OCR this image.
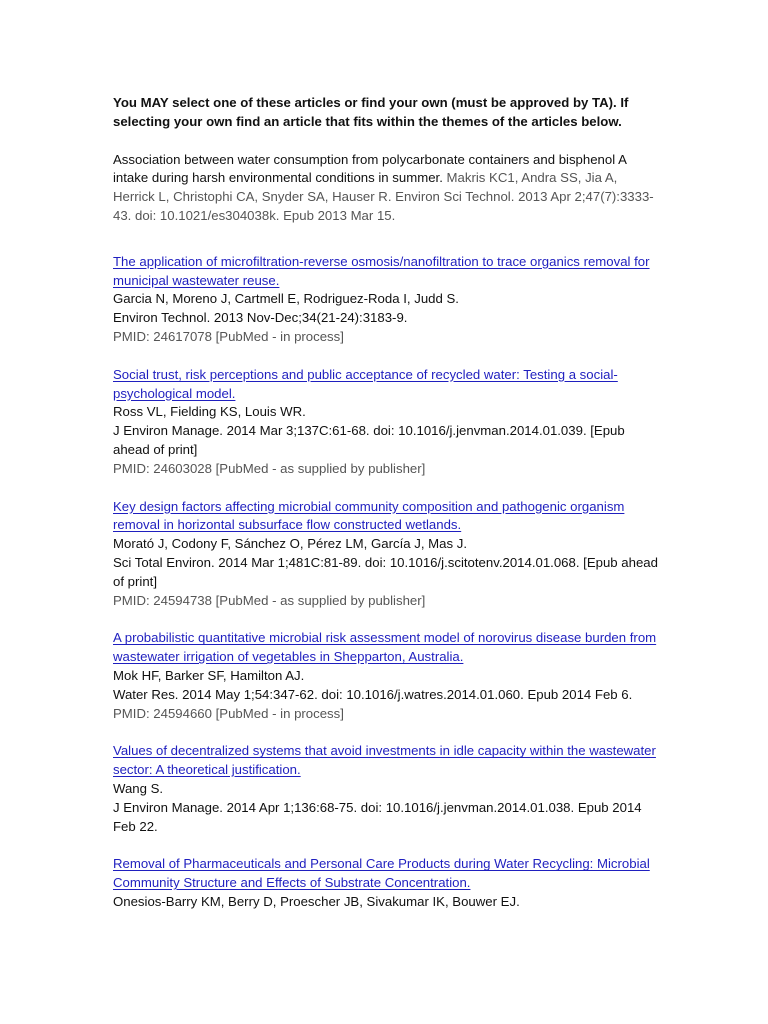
You MAY select one of these articles or find your own (must be approved by TA). If selecting your own find an article that fits within the themes of the articles below.

Association between water consumption from polycarbonate containers and bisphenol A intake during harsh environmental conditions in summer. Makris KC1, Andra SS, Jia A, Herrick L, Christophi CA, Snyder SA, Hauser R. Environ Sci Technol. 2013 Apr 2;47(7):3333-43. doi: 10.1021/es304038k. Epub 2013 Mar 15.
The application of microfiltration-reverse osmosis/nanofiltration to trace organics removal for municipal wastewater reuse.
Garcia N, Moreno J, Cartmell E, Rodriguez-Roda I, Judd S.
Environ Technol. 2013 Nov-Dec;34(21-24):3183-9.
PMID: 24617078 [PubMed - in process]
Social trust, risk perceptions and public acceptance of recycled water: Testing a social-psychological model.
Ross VL, Fielding KS, Louis WR.
J Environ Manage. 2014 Mar 3;137C:61-68. doi: 10.1016/j.jenvman.2014.01.039. [Epub ahead of print]
PMID: 24603028 [PubMed - as supplied by publisher]
Key design factors affecting microbial community composition and pathogenic organism removal in horizontal subsurface flow constructed wetlands.
Morató J, Codony F, Sánchez O, Pérez LM, García J, Mas J.
Sci Total Environ. 2014 Mar 1;481C:81-89. doi: 10.1016/j.scitotenv.2014.01.068. [Epub ahead of print]
PMID: 24594738 [PubMed - as supplied by publisher]
A probabilistic quantitative microbial risk assessment model of norovirus disease burden from wastewater irrigation of vegetables in Shepparton, Australia.
Mok HF, Barker SF, Hamilton AJ.
Water Res. 2014 May 1;54:347-62. doi: 10.1016/j.watres.2014.01.060. Epub 2014 Feb 6.
PMID: 24594660 [PubMed - in process]
Values of decentralized systems that avoid investments in idle capacity within the wastewater sector: A theoretical justification.
Wang S.
J Environ Manage. 2014 Apr 1;136:68-75. doi: 10.1016/j.jenvman.2014.01.038. Epub 2014 Feb 22.
Removal of Pharmaceuticals and Personal Care Products during Water Recycling: Microbial Community Structure and Effects of Substrate Concentration.
Onesios-Barry KM, Berry D, Proescher JB, Sivakumar IK, Bouwer EJ.
